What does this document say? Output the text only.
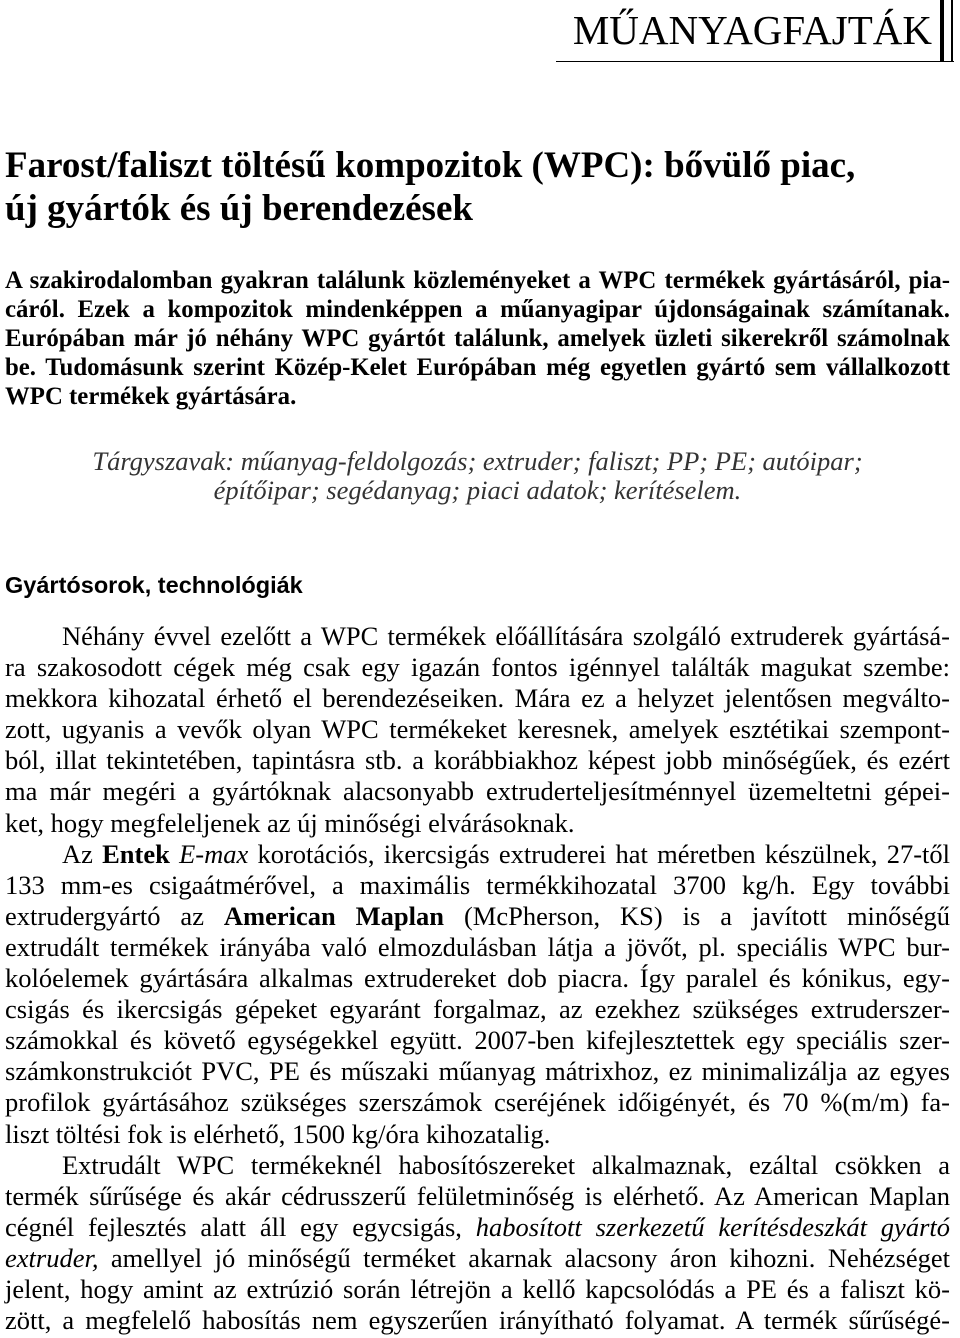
MŰANYAGFAJTÁK
Farost/faliszt töltésű kompozitok (WPC): bővülő piac,
új gyártók és új berendezések
A szakirodalomban gyakran találunk közleményeket a WPC termékek gyártásáról, pia-
cáról. Ezek a kompozitok mindenképpen a műanyagipar újdonságainak számítanak.
Európában már jó néhány WPC gyártót találunk, amelyek üzleti sikerekről számolnak
be. Tudomásunk szerint Közép-Kelet Európában még egyetlen gyártó sem vállalkozott
WPC termékek gyártására.
Tárgyszavak: műanyag-feldolgozás; extruder; faliszt; PP; PE; autóipar;
építőipar; segédanyag; piaci adatok; kerítéselem.
Gyártósorok, technológiák
Néhány évvel ezelőtt a WPC termékek előállítására szolgáló extruderek gyártásá-
ra szakosodott cégek még csak egy igazán fontos igénnyel találták magukat szembe:
mekkora kihozatal érhető el berendezéseiken. Mára ez a helyzet jelentősen megválto-
zott, ugyanis a vevők olyan WPC termékeket keresnek, amelyek esztétikai szempont-
ból, illat tekintetében, tapintásra stb. a korábbiakhoz képest jobb minőségűek, és ezért
ma már megéri a gyártóknak alacsonyabb extruderteljesítménnyel üzemeltetni gépei-
ket, hogy megfeleljenek az új minőségi elvárásoknak.
Az Entek E-max korotációs, ikercsigás extruderei hat méretben készülnek, 27-től
133 mm-es csigaátmérővel, a maximális termékkihozatal 3700 kg/h. Egy további
extrudergyártó az American Maplan (McPherson, KS) is a javított minőségű
extrudált termékek irányába való elmozdulásban látja a jövőt, pl. speciális WPC bur-
kolóelemek gyártására alkalmas extrudereket dob piacra. Így paralel és kónikus, egy-
csigás és ikercsigás gépeket egyaránt forgalmaz, az ezekhez szükséges extruderszer-
számokkal és követő egységekkel együtt. 2007-ben kifejlesztettek egy speciális szer-
számkonstrukciót PVC, PE és műszaki műanyag mátrixhoz, ez minimalizálja az egyes
profilok gyártásához szükséges szerszámok cseréjének időigényét, és 70 %(m/m) fa-
liszt töltési fok is elérhető, 1500 kg/óra kihozatalig.
Extrudált WPC termékeknél habosítószereket alkalmaznak, ezáltal csökken a
termék sűrűsége és akár cédrusszerű felületminőség is elérhető. Az American Maplan
cégnél fejlesztés alatt áll egy egycsigás, habosított szerkezetű kerítésdeszkát gyártó
extruder, amellyel jó minőségű terméket akarnak alacsony áron kihozni. Nehézséget
jelent, hogy amint az extrúzió során létrejön a kellő kapcsolódás a PE és a faliszt kö-
zött, a megfelelő habosítás nem egyszerűen irányítható folyamat. A termék sűrűségé-
